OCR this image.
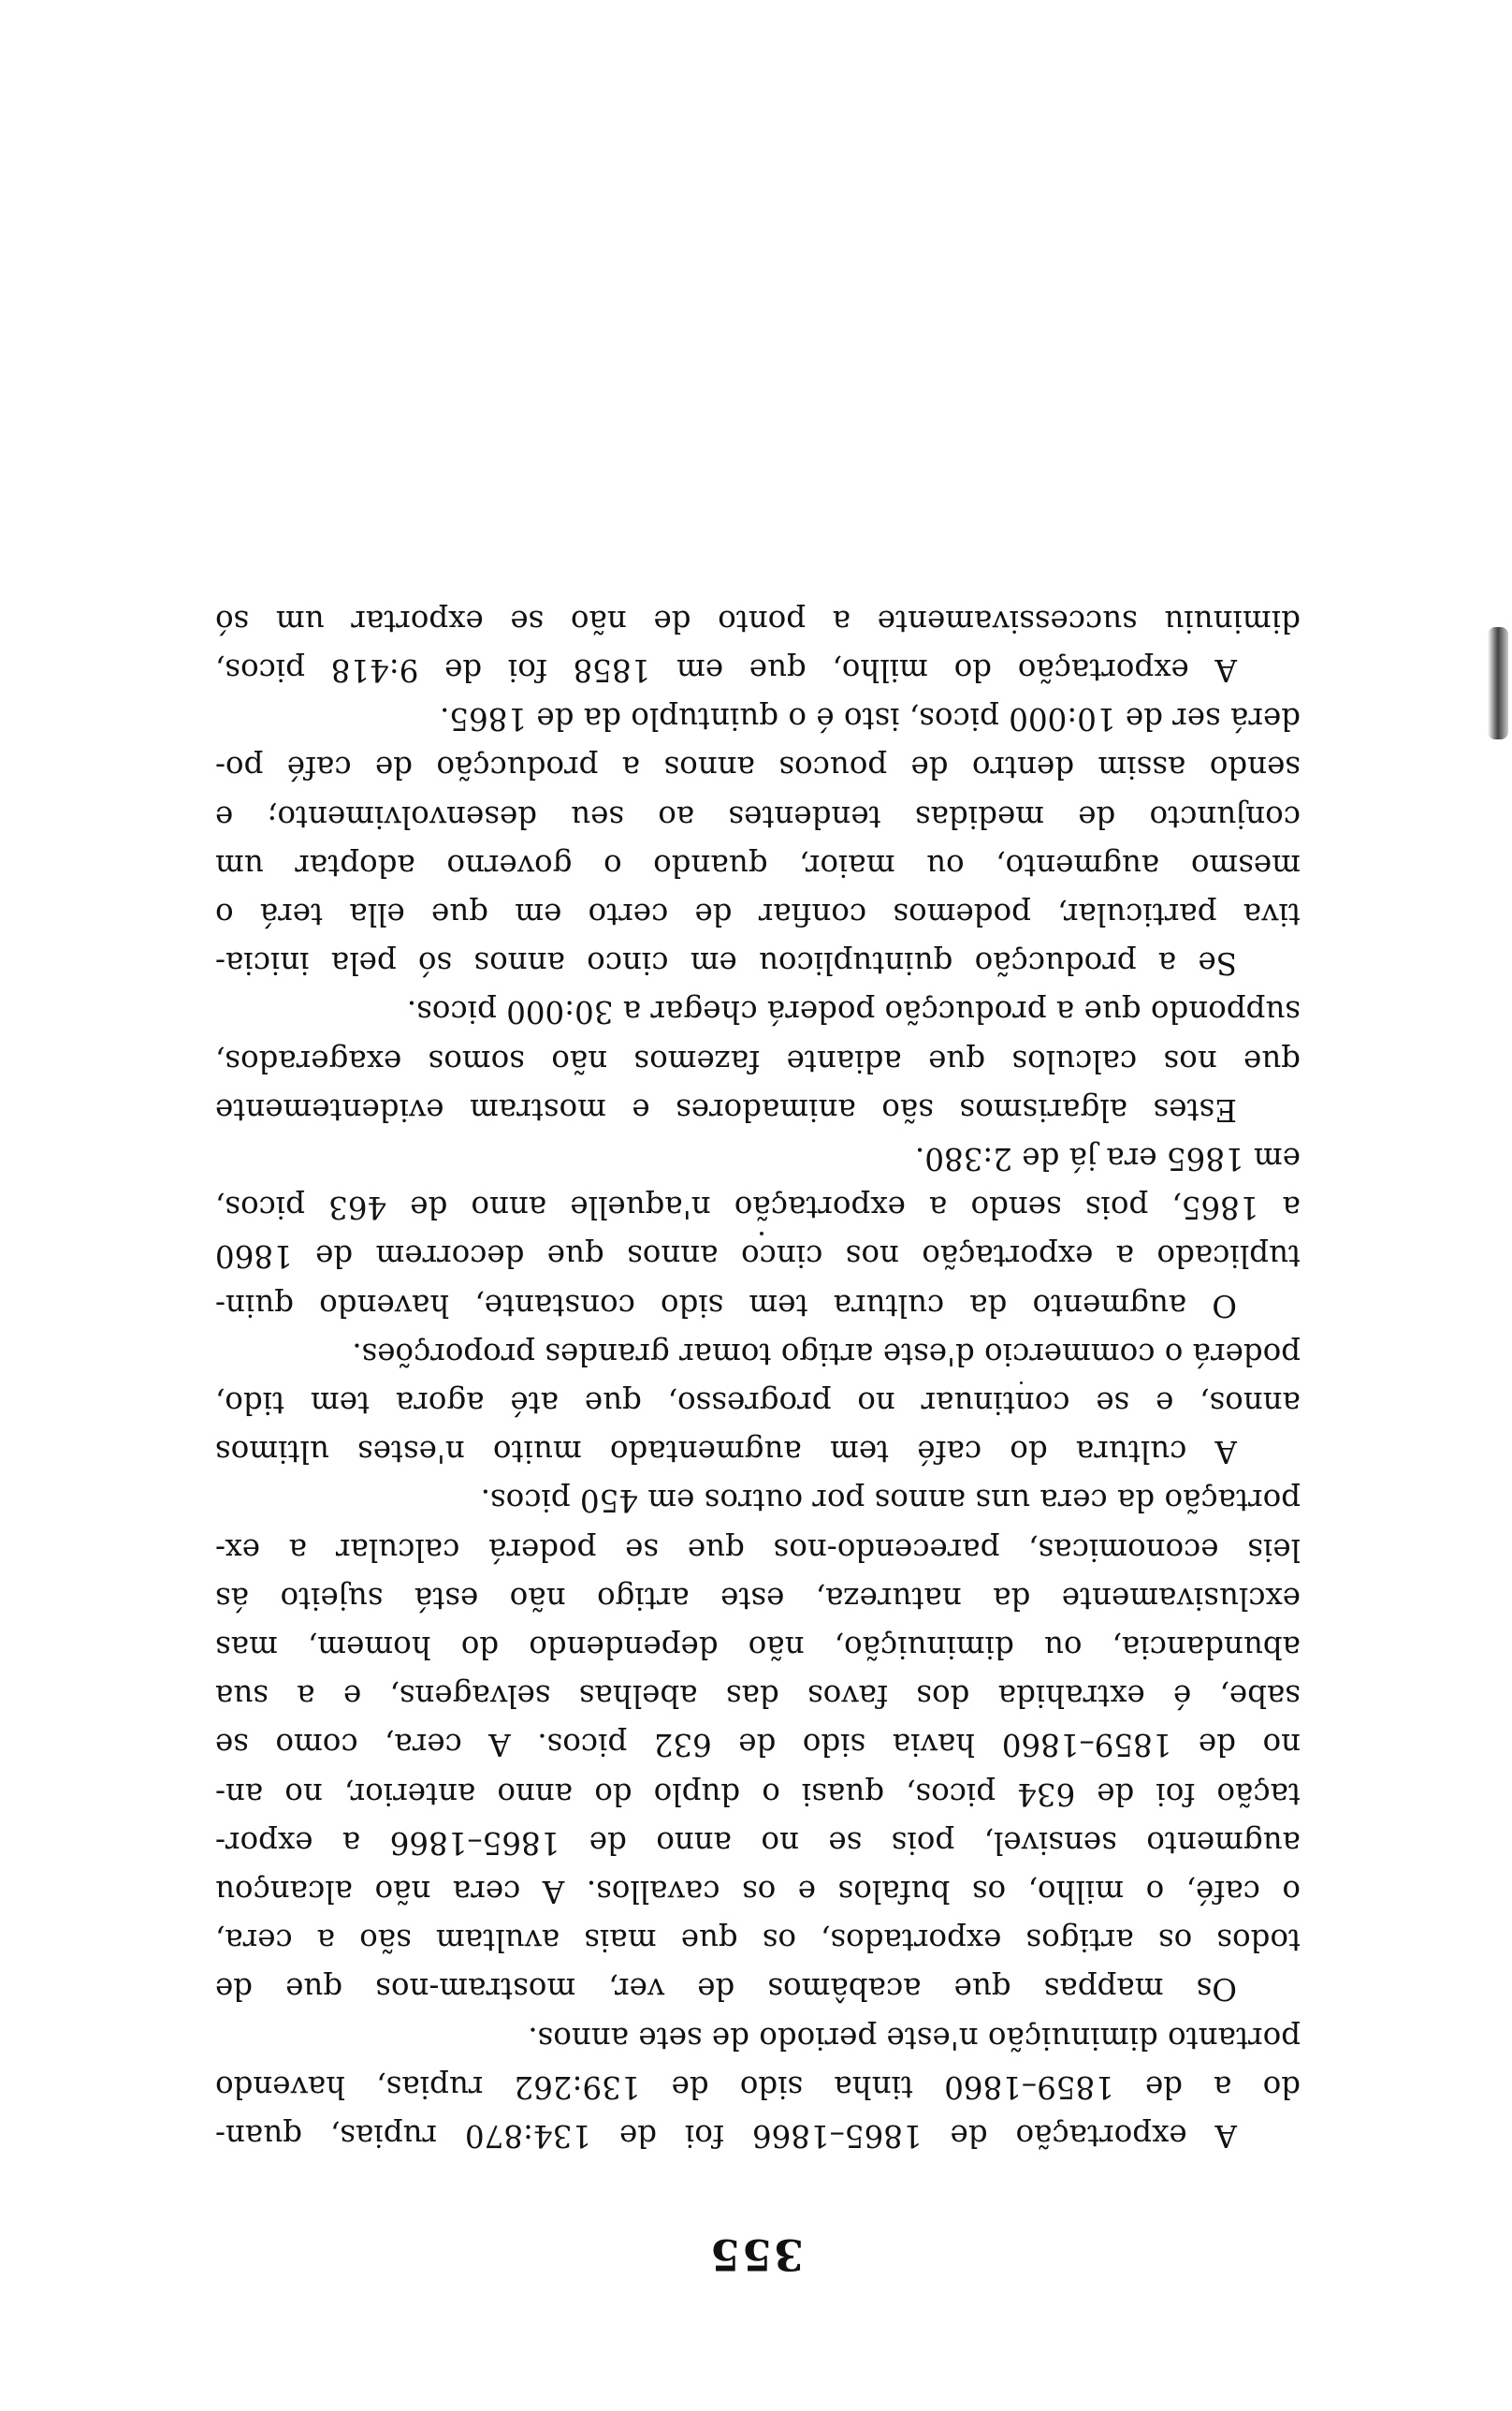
355

A exportação de 1865–1866 foi de 134:870 rupias, quan-
do a de 1859–1860 tinha sido de 139:262 rupias, havendo
portanto diminuição n'este periodo de sete annos.

Os mappas que acabâmos de ver, mostram-nos que de
todos os artigos exportados, os que mais avultam são a cera,
o café, o milho, os bufalos e os cavallos. A cera não alcançou
augmento sensivel, pois se no anno de 1865–1866 a expor-
tação foi de 634 picos, quasi o duplo do anno anterior, no an-
no de 1859–1860 havia sido de 632 picos. A cera, como se
sabe, é extrahida dos favos das abelhas selvagens, e a sua
abundancia, ou diminuição, não dependendo do homem, mas
exclusivamente da natureza, este artigo não está sujeito ás
leis economicas, parecendo-nos que se poderá calcular a ex-
portação da cera uns annos por outros em 450 picos.

A cultura do café tem augmentado muito n'estes ultimos
annos, e se continuar no progresso, que até agora tem tido,
poderá o commercio d'este artigo tomar grandes proporções.

O augmento da cultura tem sido constante, havendo quin-
tuplicado a exportação nos cinco annos que decorrem de 1860
a 1865, pois sendo a exportação n'aquelle anno de 463 picos,
em 1865 era já de 2:380.

Estes algarismos são animadores e mostram evidentemente
que nos calculos que adiante fazemos não somos exagerados,
suppondo que a producção poderá chegar a 30:000 picos.

Se a producção quintuplicou em cinco annos só pela inicia-
tiva particular, podemos confiar de certo em que ella terá o
mesmo augmento, ou maior, quando o governo adoptar um
conjuncto de medidas tendentes ao seu desenvolvimento; e
sendo assim dentro de poucos annos a producção de café po-
derá ser de 10:000 picos, isto é o quintuplo da de 1865.

A exportação do milho, que em 1858 foi de 9:418 picos,
diminuiu successivamente a ponto de não se exportar um só
